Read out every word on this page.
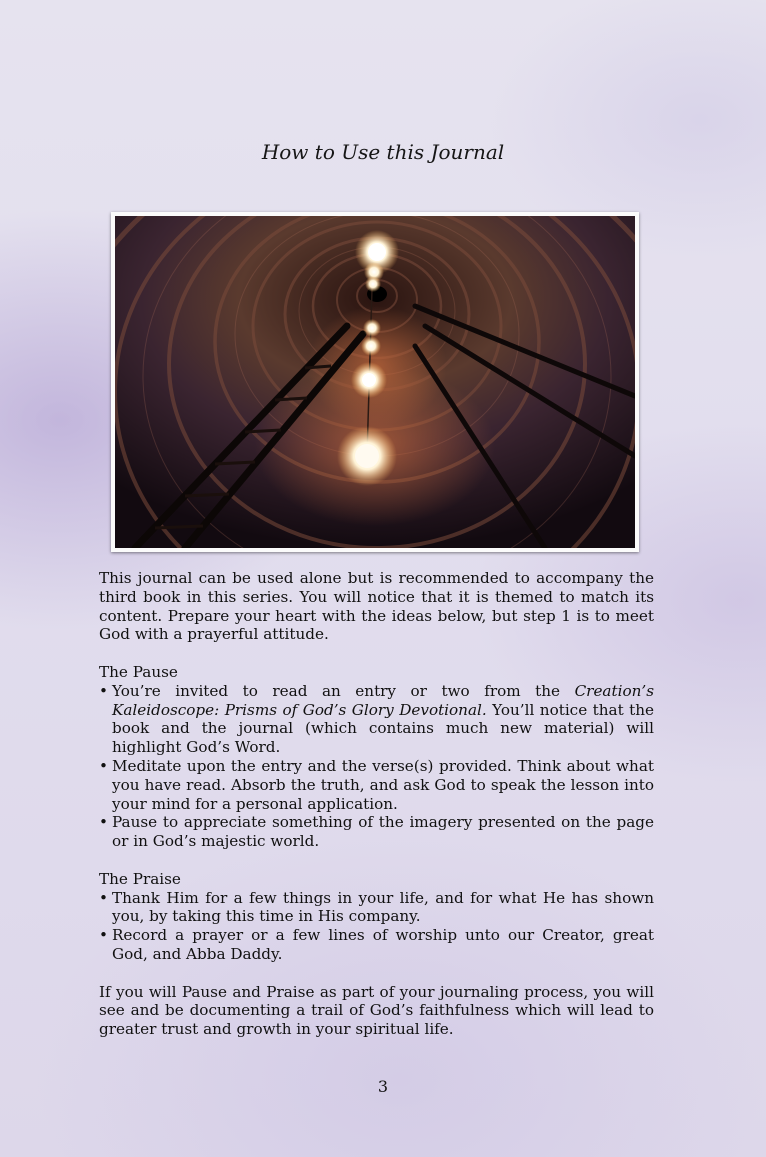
How to Use this Journal

This journal can be used alone but is recommended to accompany the third book in this series. You will notice that it is themed to match its content. Prepare your heart with the ideas below, but step 1 is to meet God with a prayerful attitude.

The Pause

• You’re invited to read an entry or two from the Creation’s Kaleidoscope: Prisms of God’s Glory Devotional. You’ll notice that the book and the journal (which contains much new material) will highlight God’s Word.
• Meditate upon the entry and the verse(s) provided. Think about what you have read. Absorb the truth, and ask God to speak the lesson into your mind for a personal application.
• Pause to appreciate something of the imagery presented on the page or in God’s majestic world.

The Praise

• Thank Him for a few things in your life, and for what He has shown you, by taking this time in His company.
• Record a prayer or a few lines of worship unto our Creator, great God, and Abba Daddy.

If you will Pause and Praise as part of your journaling process, you will see and be documenting a trail of God’s faithfulness which will lead to greater trust and growth in your spiritual life.

3
